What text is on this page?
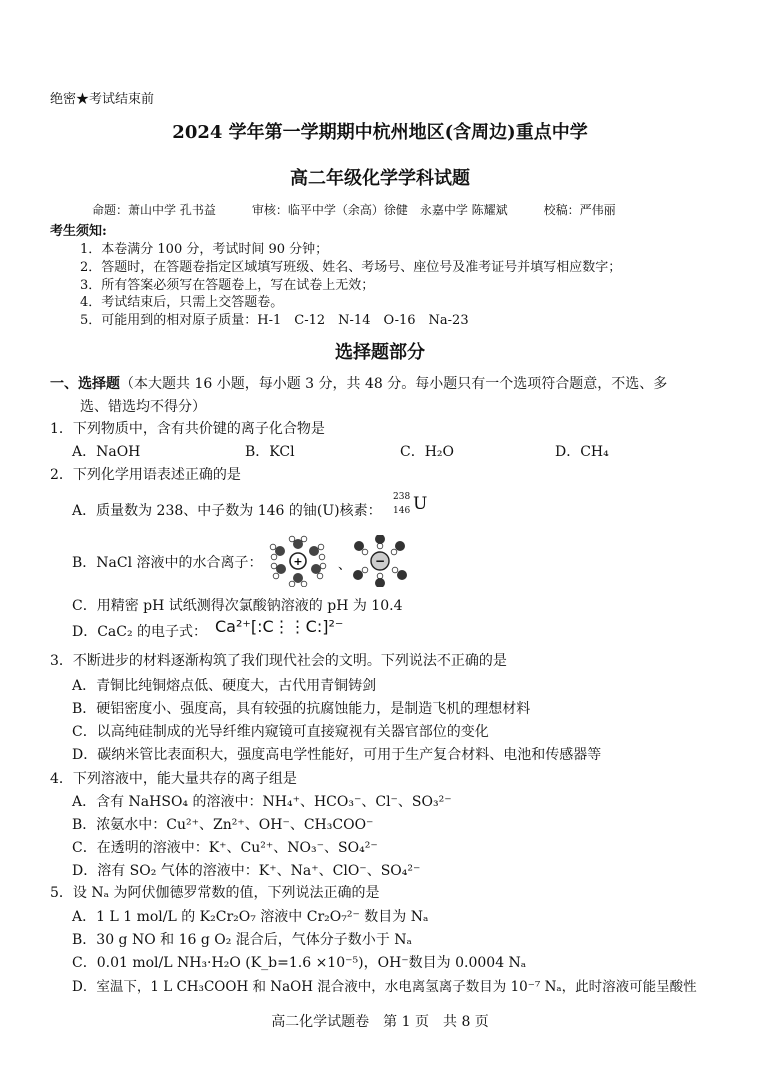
绝密★考试结束前
2024 学年第一学期期中杭州地区(含周边)重点中学
高二年级化学学科试题
命题：萧山中学 孔书益　　　审核：临平中学（余高）徐健　永嘉中学 陈耀斌　　　校稿：严伟丽
考生须知:
1．本卷满分 100 分，考试时间 90 分钟；
2．答题时，在答题卷指定区域填写班级、姓名、考场号、座位号及准考证号并填写相应数字；
3．所有答案必须写在答题卷上，写在试卷上无效；
4．考试结束后，只需上交答题卷。
5．可能用到的相对原子质量：H-1　C-12　N-14　O-16　Na-23
选择题部分
一、选择题（本大题共 16 小题，每小题 3 分，共 48 分。每小题只有一个选项符合题意，不选、多
选、错选均不得分）
1．下列物质中，含有共价键的离子化合物是
A．NaOH	B．KCl	C．H₂O	D．CH₄
2．下列化学用语表述正确的是
A．质量数为 238、中子数为 146 的铀(U)核素：
238
146 U
B．NaCl 溶液中的水合离子：	+	、 −
C．用精密 pH 试纸测得次氯酸钠溶液的 pH 为 10.4
D．CaC₂ 的电子式： Ca²⁺[:C⋮⋮C:]²⁻
3．不断进步的材料逐渐构筑了我们现代社会的文明。下列说法不正确的是
A．青铜比纯铜熔点低、硬度大，古代用青铜铸剑
B．硬铝密度小、强度高，具有较强的抗腐蚀能力，是制造飞机的理想材料
C．以高纯硅制成的光导纤维内窥镜可直接窥视有关器官部位的变化
D．碳纳米管比表面积大，强度高电学性能好，可用于生产复合材料、电池和传感器等
4．下列溶液中，能大量共存的离子组是
A．含有 NaHSO₄ 的溶液中：NH₄⁺、HCO₃⁻、Cl⁻、SO₃²⁻
B．浓氨水中：Cu²⁺、Zn²⁺、OH⁻、CH₃COO⁻
C．在透明的溶液中：K⁺、Cu²⁺、NO₃⁻、SO₄²⁻
D．溶有 SO₂ 气体的溶液中：K⁺、Na⁺、ClO⁻、SO₄²⁻
5．设 Nₐ 为阿伏伽德罗常数的值，下列说法正确的是
A．1 L 1 mol/L 的 K₂Cr₂O₇ 溶液中 Cr₂O₇²⁻ 数目为 Nₐ
B．30 g NO 和 16 g O₂ 混合后，气体分子数小于 Nₐ
C．0.01 mol/L NH₃·H₂O (K_b=1.6 ×10⁻⁵)，OH⁻数目为 0.0004 Nₐ
D．室温下，1 L CH₃COOH 和 NaOH 混合液中，水电离氢离子数目为 10⁻⁷ Nₐ，此时溶液可能呈酸性
高二化学试题卷　第 1 页　共 8 页
